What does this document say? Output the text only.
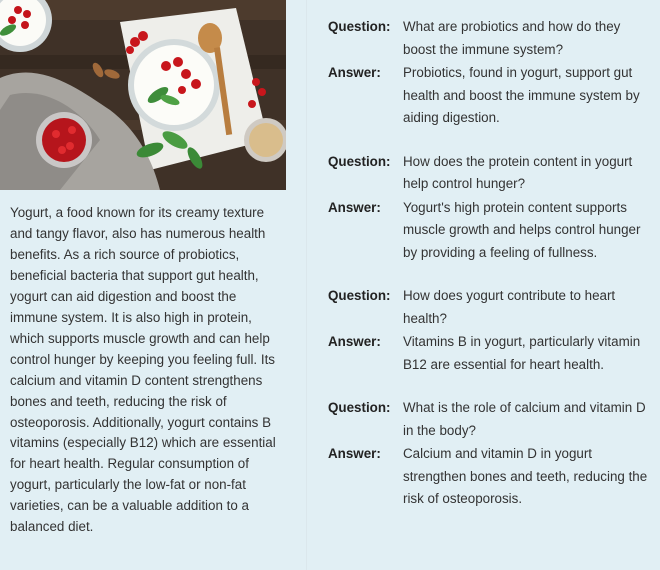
Yogurt, a food known for its creamy texture and tangy flavor, also has numerous health benefits. As a rich source of probiotics, beneficial bacteria that support gut health, yogurt can aid digestion and boost the immune system. It is also high in protein, which supports muscle growth and can help control hunger by keeping you feeling full. Its calcium and vitamin D content strengthens bones and teeth, reducing the risk of osteoporosis. Additionally, yogurt contains B vitamins (especially B12) which are essential for heart health. Regular consumption of yogurt, particularly the low-fat or non-fat varieties, can be a valuable addition to a balanced diet.
Question: What are probiotics and how do they boost the immune system?
Answer:	Probiotics, found in yogurt, support gut health and boost the immune system by aiding digestion.
Question: How does the protein content in yogurt help control hunger?
Answer:	Yogurt's high protein content supports muscle growth and helps control hunger by providing a feeling of fullness.
Question: How does yogurt contribute to heart health?
Answer:	Vitamins B in yogurt, particularly vitamin B12 are essential for heart health.
Question: What is the role of calcium and vitamin D in the body?
Answer:	Calcium and vitamin D in yogurt strengthen bones and teeth, reducing the risk of osteoporosis.
